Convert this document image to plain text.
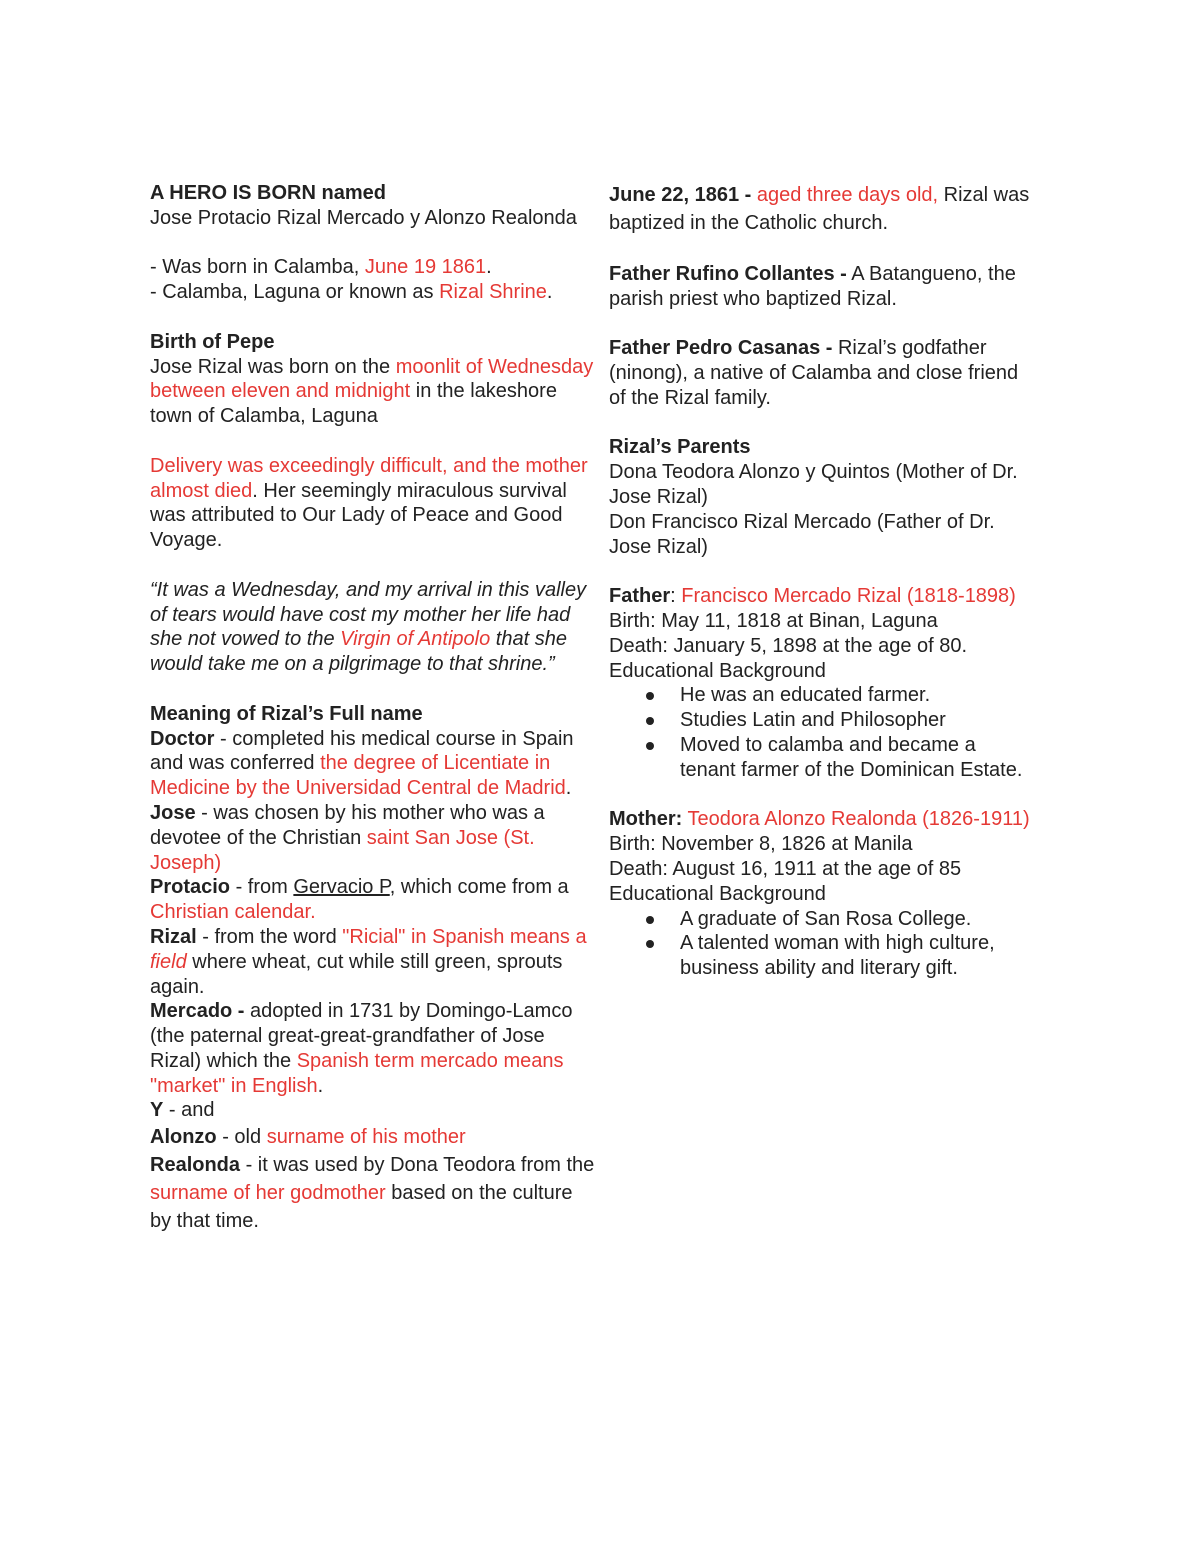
A HERO IS BORN named

Jose Protacio Rizal Mercado y Alonzo Realonda

- Was born in Calamba, June 19 1861.

- Calamba, Laguna or known as Rizal Shrine.

Birth of Pepe

Jose Rizal was born on the moonlit of Wednesday between eleven and midnight in the lakeshore town of Calamba, Laguna

Delivery was exceedingly difficult, and the mother almost died. Her seemingly miraculous survival was attributed to Our Lady of Peace and Good Voyage.

“It was a Wednesday, and my arrival in this valley of tears would have cost my mother her life had she not vowed to the Virgin of Antipolo that she would take me on a pilgrimage to that shrine.”

Meaning of Rizal’s Full name

Doctor - completed his medical course in Spain and was conferred the degree of Licentiate in Medicine by the Universidad Central de Madrid.

Jose - was chosen by his mother who was a devotee of the Christian saint San Jose (St. Joseph)

Protacio - from Gervacio P, which come from a Christian calendar.

Rizal - from the word "Ricial" in Spanish means a field where wheat, cut while still green, sprouts again.

Mercado - adopted in 1731 by Domingo-Lamco (the paternal great-great-grandfather of Jose Rizal) which the Spanish term mercado means "market" in English.

Y - and

Alonzo - old surname of his mother

Realonda - it was used by Dona Teodora from the surname of her godmother based on the culture by that time.

June 22, 1861 - aged three days old, Rizal was baptized in the Catholic church.

Father Rufino Collantes - A Batangueno, the parish priest who baptized Rizal.

Father Pedro Casanas - Rizal’s godfather (ninong), a native of Calamba and close friend of the Rizal family.

Rizal’s Parents

Dona Teodora Alonzo y Quintos (Mother of Dr. Jose Rizal)

Don Francisco Rizal Mercado (Father of Dr. Jose Rizal)

Father: Francisco Mercado Rizal (1818-1898)

Birth: May 11, 1818 at Binan, Laguna

Death: January 5, 1898 at the age of 80.

Educational Background

He was an educated farmer.
Studies Latin and Philosopher
Moved to calamba and became a tenant farmer of the Dominican Estate.

Mother: Teodora Alonzo Realonda (1826-1911)

Birth: November 8, 1826 at Manila

Death: August 16, 1911 at the age of 85

Educational Background

A graduate of San Rosa College.
A talented woman with high culture, business ability and literary gift.
